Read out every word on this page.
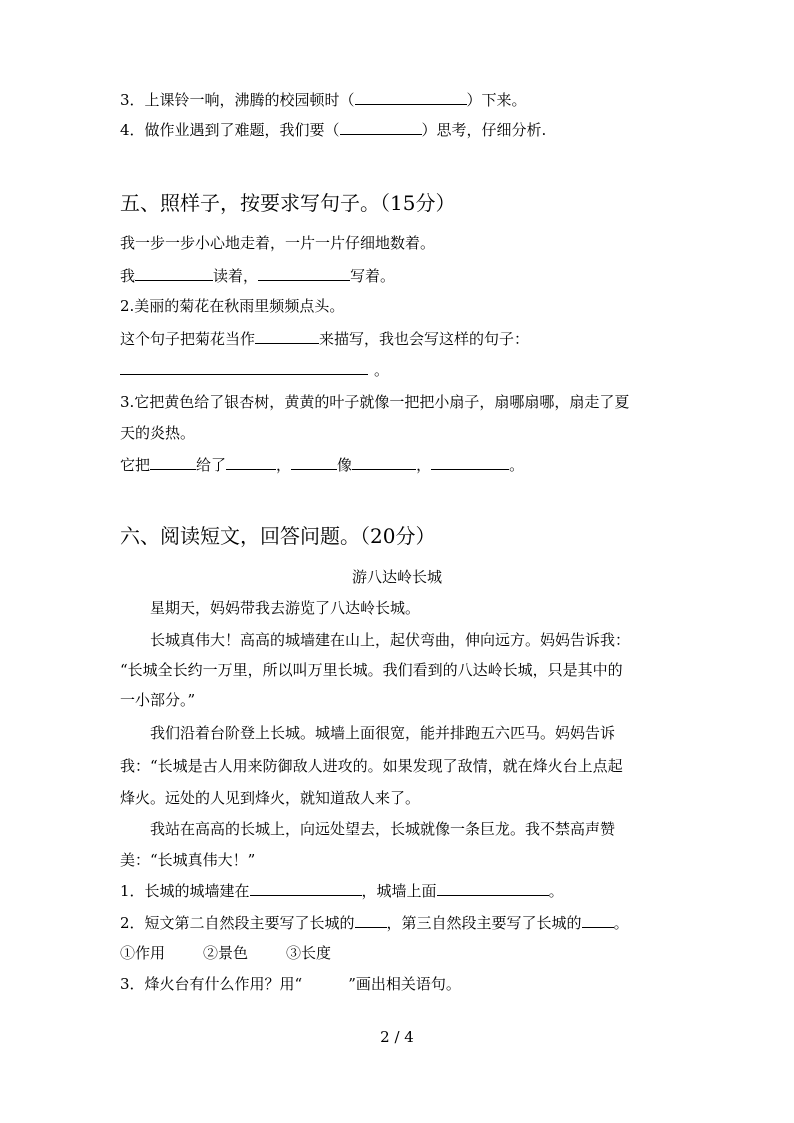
3．上课铃一响，沸腾的校园顿时（	）下来。
4．做作业遇到了难题，我们要（	）思考，仔细分析.
五、照样子，按要求写句子。（15分）
我一步一步小心地走着，一片一片仔细地数着。
我	读着，	写着。
2.美丽的菊花在秋雨里频频点头。
这个句子把菊花当作	来描写，我也会写这样的句子：
。
3.它把黄色给了银杏树，黄黄的叶子就像一把把小扇子，扇哪扇哪，扇走了夏
天的炎热。
它把	给了	，	像	，	。
六、阅读短文，回答问题。（20分）
游八达岭长城
星期天，妈妈带我去游览了八达岭长城。
长城真伟大！高高的城墙建在山上，起伏弯曲，伸向远方。妈妈告诉我：
“长城全长约一万里，所以叫万里长城。我们看到的八达岭长城，只是其中的
一小部分。”
我们沿着台阶登上长城。城墙上面很宽，能并排跑五六匹马。妈妈告诉
我：“长城是古人用来防御敌人进攻的。如果发现了敌情，就在烽火台上点起
烽火。远处的人见到烽火，就知道敌人来了。
我站在高高的长城上，向远处望去，长城就像一条巨龙。我不禁高声赞
美：“长城真伟大！”
1．长城的城墙建在	，城墙上面	。
2．短文第二自然段主要写了长城的 ，第三自然段主要写了长城的 。
①作用	②景色	③长度
3．烽火台有什么作用？用“	”画出相关语句。
2 / 4
